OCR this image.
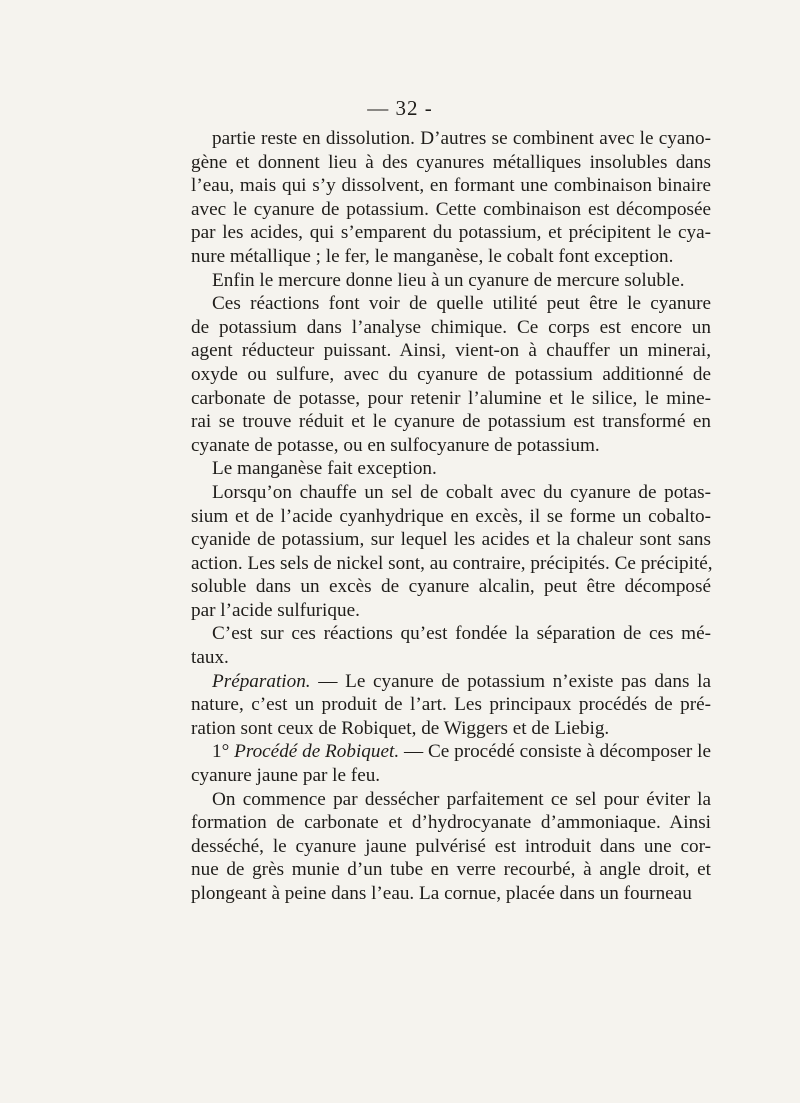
— 32 -
partie reste en dissolution. D’autres se combinent avec le cyano-
gène et donnent lieu à des cyanures métalliques insolubles dans
l’eau, mais qui s’y dissolvent, en formant une combinaison binaire
avec le cyanure de potassium. Cette combinaison est décomposée
par les acides, qui s’emparent du potassium, et précipitent le cya-
nure métallique ; le fer, le manganèse, le cobalt font exception.
Enfin le mercure donne lieu à un cyanure de mercure soluble.
Ces réactions font voir de quelle utilité peut être le cyanure
de potassium dans l’analyse chimique. Ce corps est encore un
agent réducteur puissant. Ainsi, vient-on à chauffer un minerai,
oxyde ou sulfure, avec du cyanure de potassium additionné de
carbonate de potasse, pour retenir l’alumine et le silice, le mine-
rai se trouve réduit et le cyanure de potassium est transformé en
cyanate de potasse, ou en sulfocyanure de potassium.
Le manganèse fait exception.
Lorsqu’on chauffe un sel de cobalt avec du cyanure de potas-
sium et de l’acide cyanhydrique en excès, il se forme un cobalto-
cyanide de potassium, sur lequel les acides et la chaleur sont sans
action. Les sels de nickel sont, au contraire, précipités. Ce précipité,
soluble dans un excès de cyanure alcalin, peut être décomposé
par l’acide sulfurique.
C’est sur ces réactions qu’est fondée la séparation de ces mé-
taux.
Préparation. — Le cyanure de potassium n’existe pas dans la
nature, c’est un produit de l’art. Les principaux procédés de pré-
ration sont ceux de Robiquet, de Wiggers et de Liebig.
1° Procédé de Robiquet. — Ce procédé consiste à décomposer le
cyanure jaune par le feu.
On commence par dessécher parfaitement ce sel pour éviter la
formation de carbonate et d’hydrocyanate d’ammoniaque. Ainsi
desséché, le cyanure jaune pulvérisé est introduit dans une cor-
nue de grès munie d’un tube en verre recourbé, à angle droit, et
plongeant à peine dans l’eau. La cornue, placée dans un fourneau
